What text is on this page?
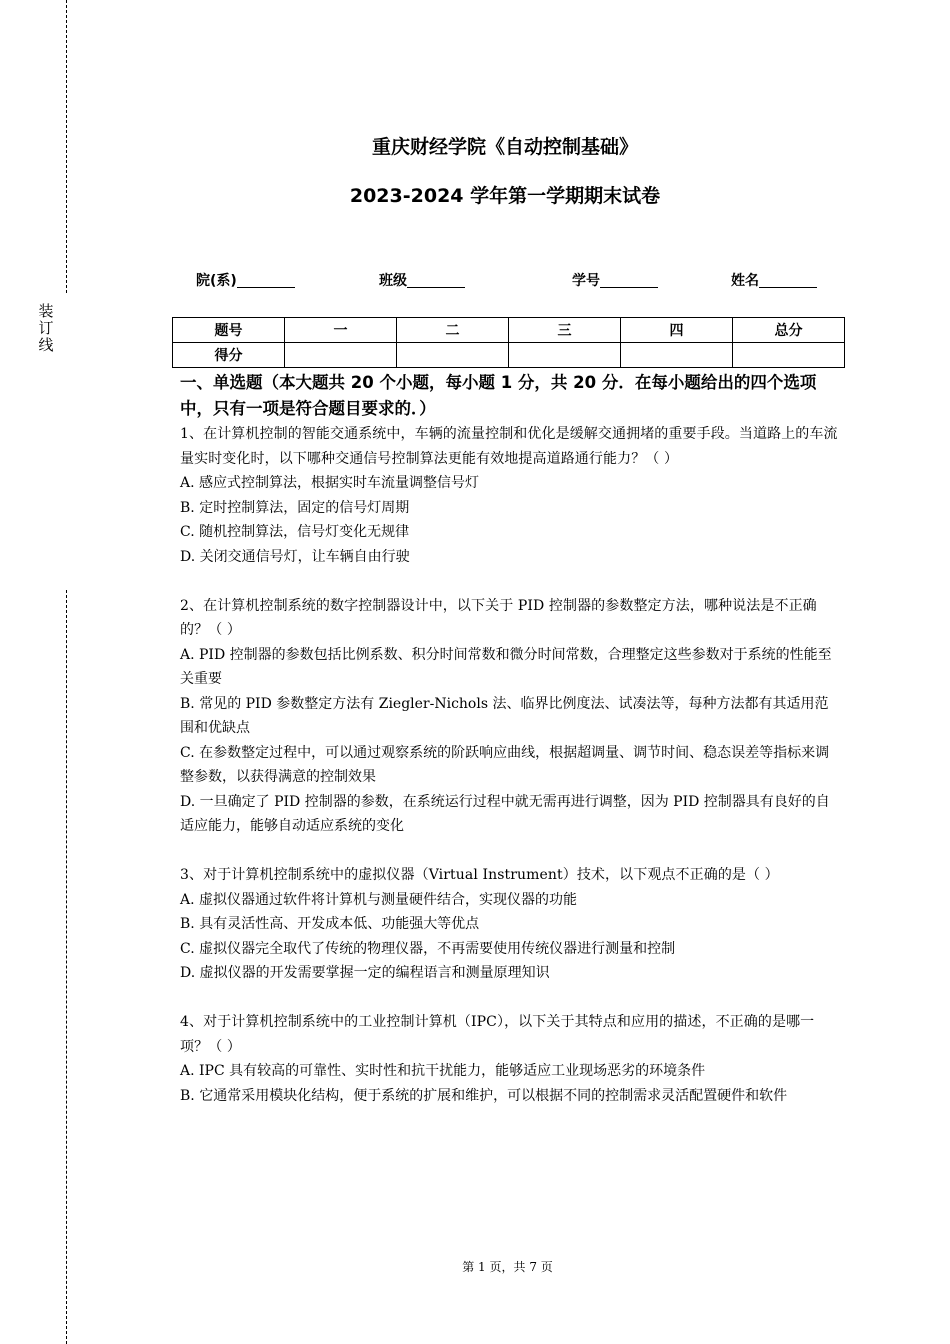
装
订
线
重庆财经学院《自动控制基础》
2023-2024 学年第一学期期末试卷
院(系)	班级	学号	姓名
题号	一	二	三	四	总分
得分					
一、单选题（本大题共 20 个小题，每小题 1 分，共 20 分．在每小题给出的四个选项中，只有一项是符合题目要求的．）

1、在计算机控制的智能交通系统中，车辆的流量控制和优化是缓解交通拥堵的重要手段。当道路上的车流量实时变化时，以下哪种交通信号控制算法更能有效地提高道路通行能力？（ ）

A. 感应式控制算法，根据实时车流量调整信号灯

B. 定时控制算法，固定的信号灯周期

C. 随机控制算法，信号灯变化无规律

D. 关闭交通信号灯，让车辆自由行驶

2、在计算机控制系统的数字控制器设计中，以下关于 PID 控制器的参数整定方法，哪种说法是不正确的？（ ）

A. PID 控制器的参数包括比例系数、积分时间常数和微分时间常数，合理整定这些参数对于系统的性能至关重要

B. 常见的 PID 参数整定方法有 Ziegler-Nichols 法、临界比例度法、试凑法等，每种方法都有其适用范围和优缺点

C. 在参数整定过程中，可以通过观察系统的阶跃响应曲线，根据超调量、调节时间、稳态误差等指标来调整参数，以获得满意的控制效果

D. 一旦确定了 PID 控制器的参数，在系统运行过程中就无需再进行调整，因为 PID 控制器具有良好的自适应能力，能够自动适应系统的变化

3、对于计算机控制系统中的虚拟仪器（Virtual Instrument）技术，以下观点不正确的是（ ）

A. 虚拟仪器通过软件将计算机与测量硬件结合，实现仪器的功能

B. 具有灵活性高、开发成本低、功能强大等优点

C. 虚拟仪器完全取代了传统的物理仪器，不再需要使用传统仪器进行测量和控制

D. 虚拟仪器的开发需要掌握一定的编程语言和测量原理知识

4、对于计算机控制系统中的工业控制计算机（IPC），以下关于其特点和应用的描述，不正确的是哪一项？（ ）

A. IPC 具有较高的可靠性、实时性和抗干扰能力，能够适应工业现场恶劣的环境条件

B. 它通常采用模块化结构，便于系统的扩展和维护，可以根据不同的控制需求灵活配置硬件和软件

第 1 页，共 7 页
